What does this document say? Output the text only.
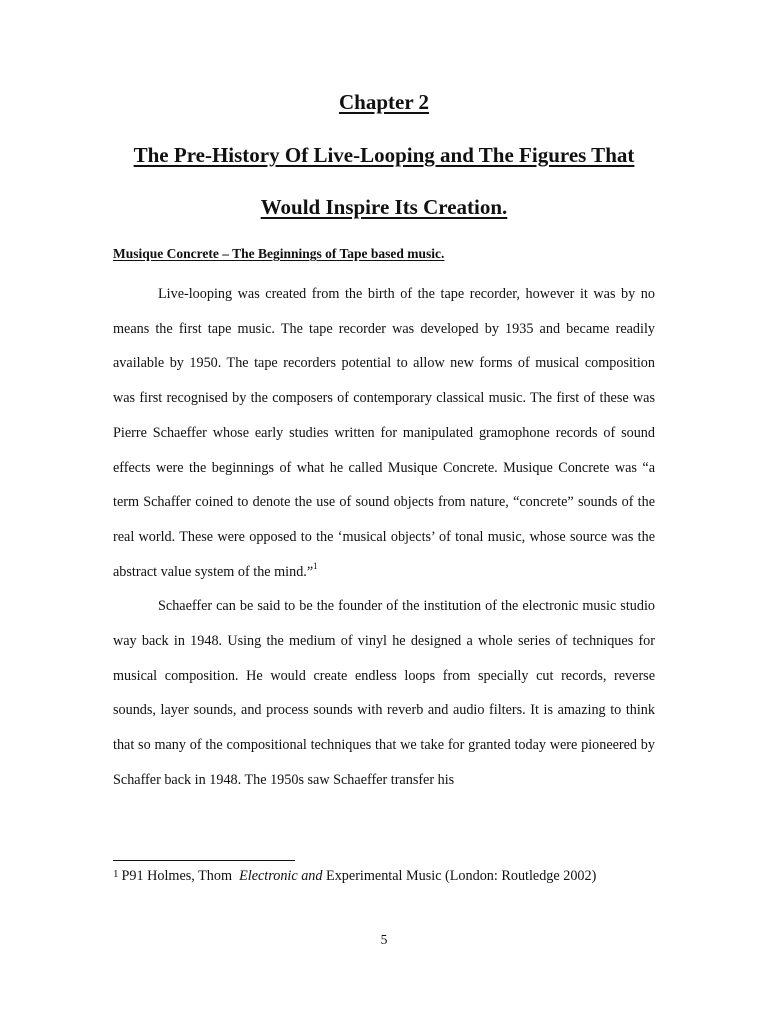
Chapter 2
The Pre-History Of Live-Looping and The Figures That
Would Inspire Its Creation.
Musique Concrete – The Beginnings of Tape based music.

Live-looping was created from the birth of the tape recorder, however it was by no means the first tape music. The tape recorder was developed by 1935 and became readily available by 1950. The tape recorders potential to allow new forms of musical composition was first recognised by the composers of contemporary classical music. The first of these was Pierre Schaeffer whose early studies written for manipulated gramophone records of sound effects were the beginnings of what he called Musique Concrete. Musique Concrete was “a term Schaffer coined to denote the use of sound objects from nature, “concrete” sounds of the real world. These were opposed to the ‘musical objects’ of tonal music, whose source was the abstract value system of the mind.”$^1$

Schaeffer can be said to be the founder of the institution of the electronic music studio way back in 1948. Using the medium of vinyl he designed a whole series of techniques for musical composition. He would create endless loops from specially cut records, reverse sounds, layer sounds, and process sounds with reverb and audio filters. It is amazing to think that so many of the compositional techniques that we take for granted today were pioneered by Schaffer back in 1948. The 1950s saw Schaeffer transfer his

$^1$ P91 Holmes, Thom Electronic and Experimental Music (London: Routledge 2002)
5
